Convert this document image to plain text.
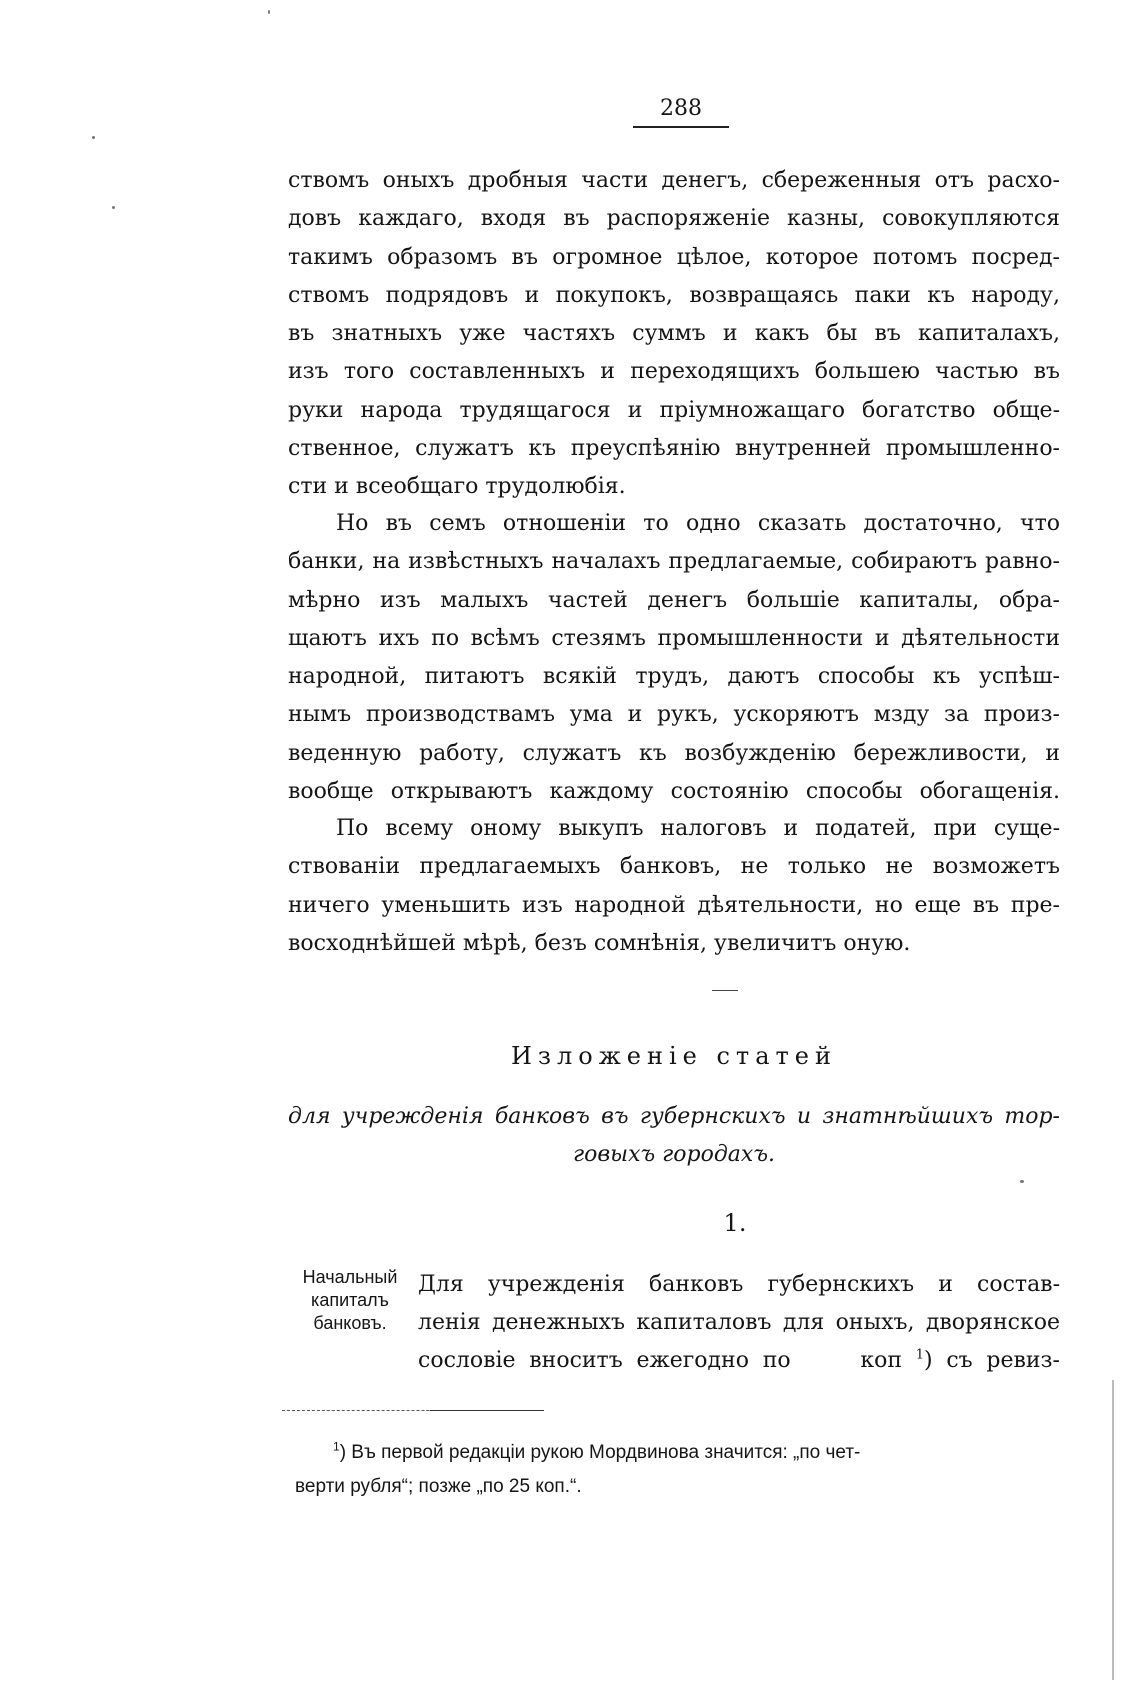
288
ствомъ оныхъ дробныя части денегъ, сбереженныя отъ расхо-
довъ каждаго, входя въ распоряженіе казны, совокупляются
такимъ образомъ въ огромное цѣлое, которое потомъ посред-
ствомъ подрядовъ и покупокъ, возвращаясь паки къ народу,
въ знатныхъ уже частяхъ суммъ и какъ бы въ капиталахъ,
изъ того составленныхъ и переходящихъ большею частью въ
руки народа трудящагося и пріумножащаго богатство обще-
ственное, служатъ къ преуспѣянію внутренней промышленно-
сти и всеобщаго трудолюбія.
Но въ семъ отношеніи то одно сказать достаточно, что
банки, на извѣстныхъ началахъ предлагаемые, собираютъ равно-
мѣрно изъ малыхъ частей денегъ большіе капиталы, обра-
щаютъ ихъ по всѣмъ стезямъ промышленности и дѣятельности
народной, питаютъ всякій трудъ, даютъ способы къ успѣш-
нымъ производствамъ ума и рукъ, ускоряютъ мзду за произ-
веденную работу, служатъ къ возбужденію бережливости, и
вообще открываютъ каждому состоянію способы обогащенія.
По всему оному выкупъ налоговъ и податей, при суще-
ствованіи предлагаемыхъ банковъ, не только не возможетъ
ничего уменьшить изъ народной дѣятельности, но еще въ пре-
восходнѣйшей мѣрѣ, безъ сомнѣнія, увеличитъ оную.
Изложеніе статей
для учрежденія банковъ въ губернскихъ и знатнѣйшихъ тор-
говыхъ городахъ.
1.
Начальный
капиталъ
банковъ.
Для учрежденія банковъ губернскихъ и состав-
ленія денежныхъ капиталовъ для оныхъ, дворянское
сословіе вноситъ ежегодно по	коп $^1$) съ ревиз-
$^1$) Въ первой редакціи рукою Мордвинова значится: „по чет-
верти рубля“; позже „по 25 коп.“.
